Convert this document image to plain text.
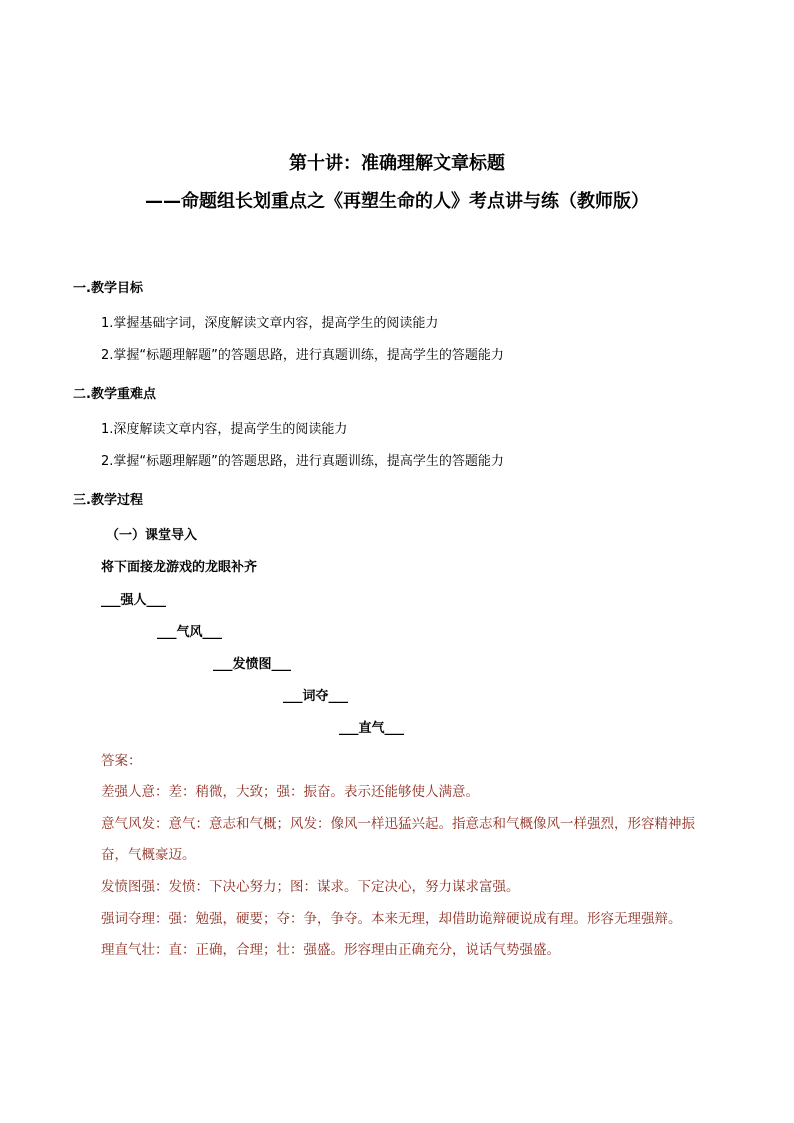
第十讲：准确理解文章标题
——命题组长划重点之《再塑生命的人》考点讲与练（教师版）
一.教学目标
1.掌握基础字词，深度解读文章内容，提高学生的阅读能力
2.掌握“标题理解题”的答题思路，进行真题训练，提高学生的答题能力
二.教学重难点
1.深度解读文章内容，提高学生的阅读能力
2.掌握“标题理解题”的答题思路，进行真题训练，提高学生的答题能力
三.教学过程
（一）课堂导入
将下面接龙游戏的龙眼补齐
___强人___
___气风___
___发愤图___
___词夺___
___直气___
答案：
差强人意：差：稍微，大致；强：振奋。表示还能够使人满意。
意气风发：意气：意志和气概；风发：像风一样迅猛兴起。指意志和气概像风一样强烈，形容精神振
奋，气概豪迈。
发愤图强：发愤：下决心努力；图：谋求。下定决心，努力谋求富强。
强词夺理：强：勉强，硬要；夺：争，争夺。本来无理，却借助诡辩硬说成有理。形容无理强辩。
理直气壮：直：正确，合理；壮：强盛。形容理由正确充分，说话气势强盛。
